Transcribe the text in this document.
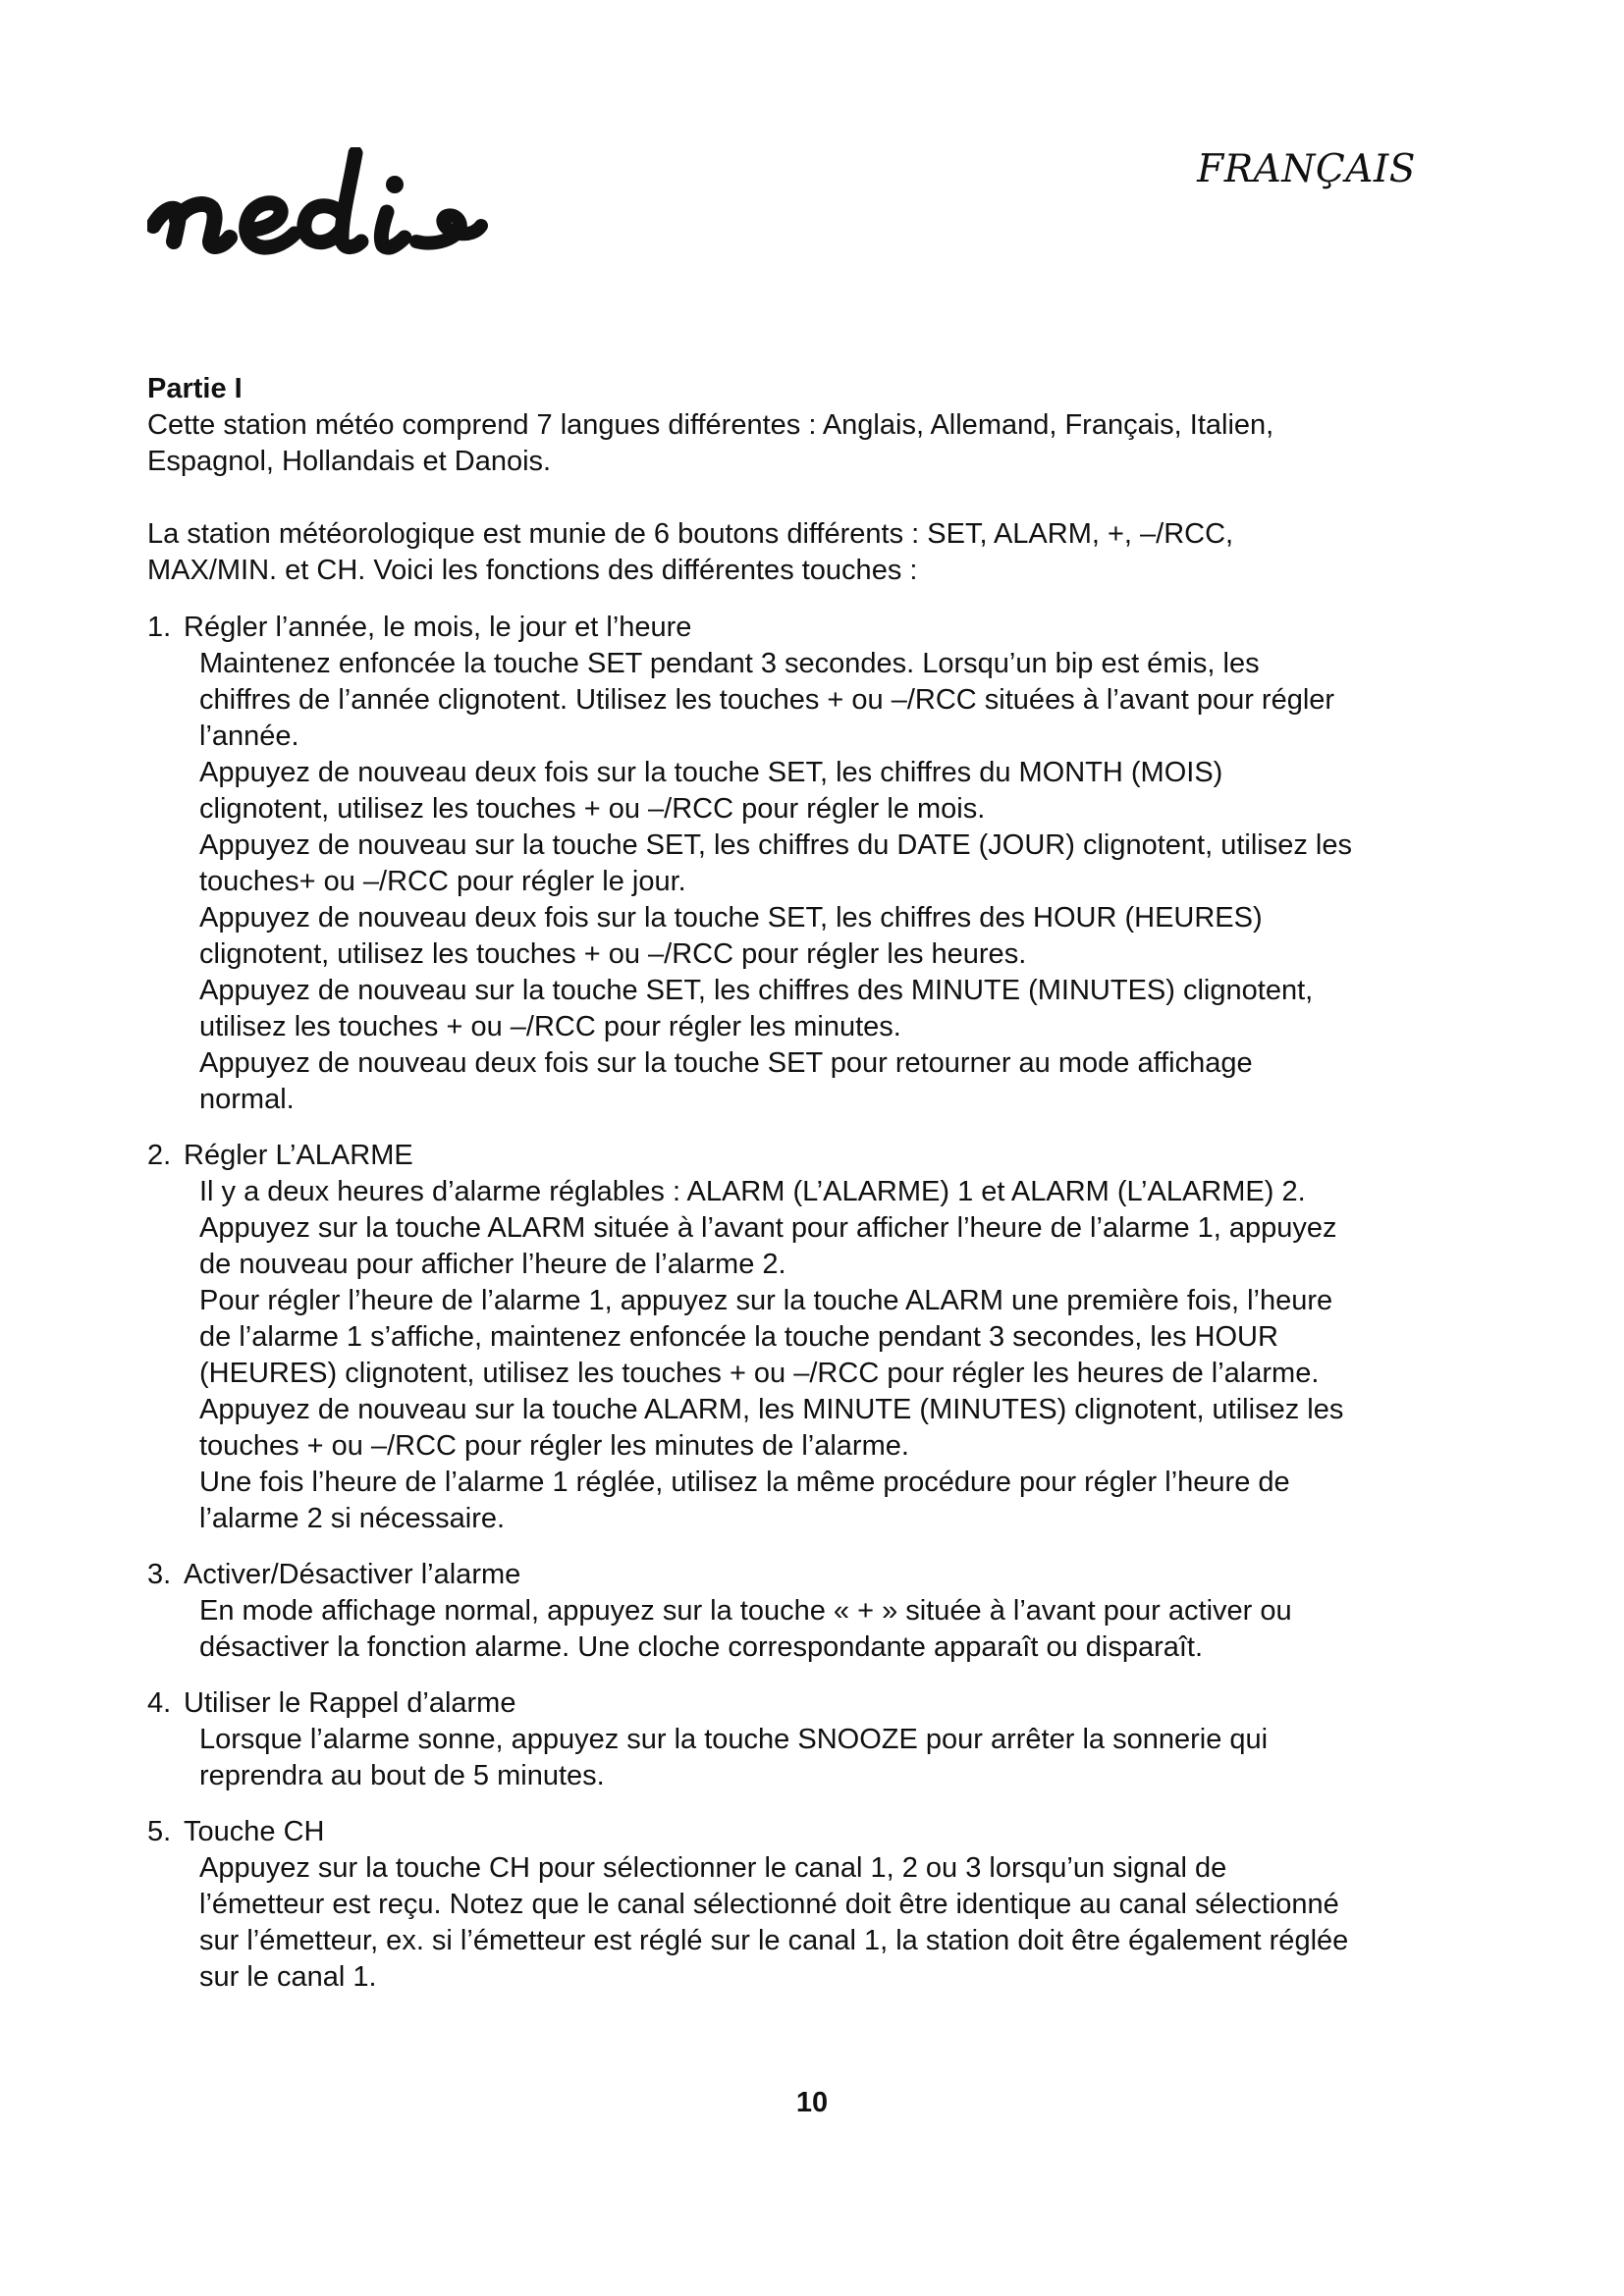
FRANÇAIS

Partie I

Cette station météo comprend 7 langues différentes : Anglais, Allemand, Français, Italien, Espagnol, Hollandais et Danois.

La station météorologique est munie de 6 boutons différents : SET, ALARM, +, –/RCC, MAX/MIN. et CH. Voici les fonctions des différentes touches :

1. Régler l’année, le mois, le jour et l’heure

Maintenez enfoncée la touche SET pendant 3 secondes. Lorsqu’un bip est émis, les chiffres de l’année clignotent. Utilisez les touches + ou –/RCC situées à l’avant pour régler l’année.

Appuyez de nouveau deux fois sur la touche SET, les chiffres du MONTH (MOIS) clignotent, utilisez les touches + ou –/RCC pour régler le mois.

Appuyez de nouveau sur la touche SET, les chiffres du DATE (JOUR) clignotent, utilisez les touches+ ou –/RCC pour régler le jour.

Appuyez de nouveau deux fois sur la touche SET, les chiffres des HOUR (HEURES) clignotent, utilisez les touches + ou –/RCC pour régler les heures.

Appuyez de nouveau sur la touche SET, les chiffres des MINUTE (MINUTES) clignotent, utilisez les touches + ou –/RCC pour régler les minutes.

Appuyez de nouveau deux fois sur la touche SET pour retourner au mode affichage normal.

2. Régler L’ALARME

Il y a deux heures d’alarme réglables : ALARM (L’ALARME) 1 et ALARM (L’ALARME) 2.

Appuyez sur la touche ALARM située à l’avant pour afficher l’heure de l’alarme 1, appuyez de nouveau pour afficher l’heure de l’alarme 2.

Pour régler l’heure de l’alarme 1, appuyez sur la touche ALARM une première fois, l’heure de l’alarme 1 s’affiche, maintenez enfoncée la touche pendant 3 secondes, les HOUR (HEURES) clignotent, utilisez les touches + ou –/RCC pour régler les heures de l’alarme.

Appuyez de nouveau sur la touche ALARM, les MINUTE (MINUTES) clignotent, utilisez les touches + ou –/RCC pour régler les minutes de l’alarme.

Une fois l’heure de l’alarme 1 réglée, utilisez la même procédure pour régler l’heure de l’alarme 2 si nécessaire.

3. Activer/Désactiver l’alarme

En mode affichage normal, appuyez sur la touche « + » située à l’avant pour activer ou désactiver la fonction alarme. Une cloche correspondante apparaît ou disparaît.

4. Utiliser le Rappel d’alarme

Lorsque l’alarme sonne, appuyez sur la touche SNOOZE pour arrêter la sonnerie qui reprendra au bout de 5 minutes.

5. Touche CH

Appuyez sur la touche CH pour sélectionner le canal 1, 2 ou 3 lorsqu’un signal de l’émetteur est reçu. Notez que le canal sélectionné doit être identique au canal sélectionné sur l’émetteur, ex. si l’émetteur est réglé sur le canal 1, la station doit être également réglée sur le canal 1.

10
